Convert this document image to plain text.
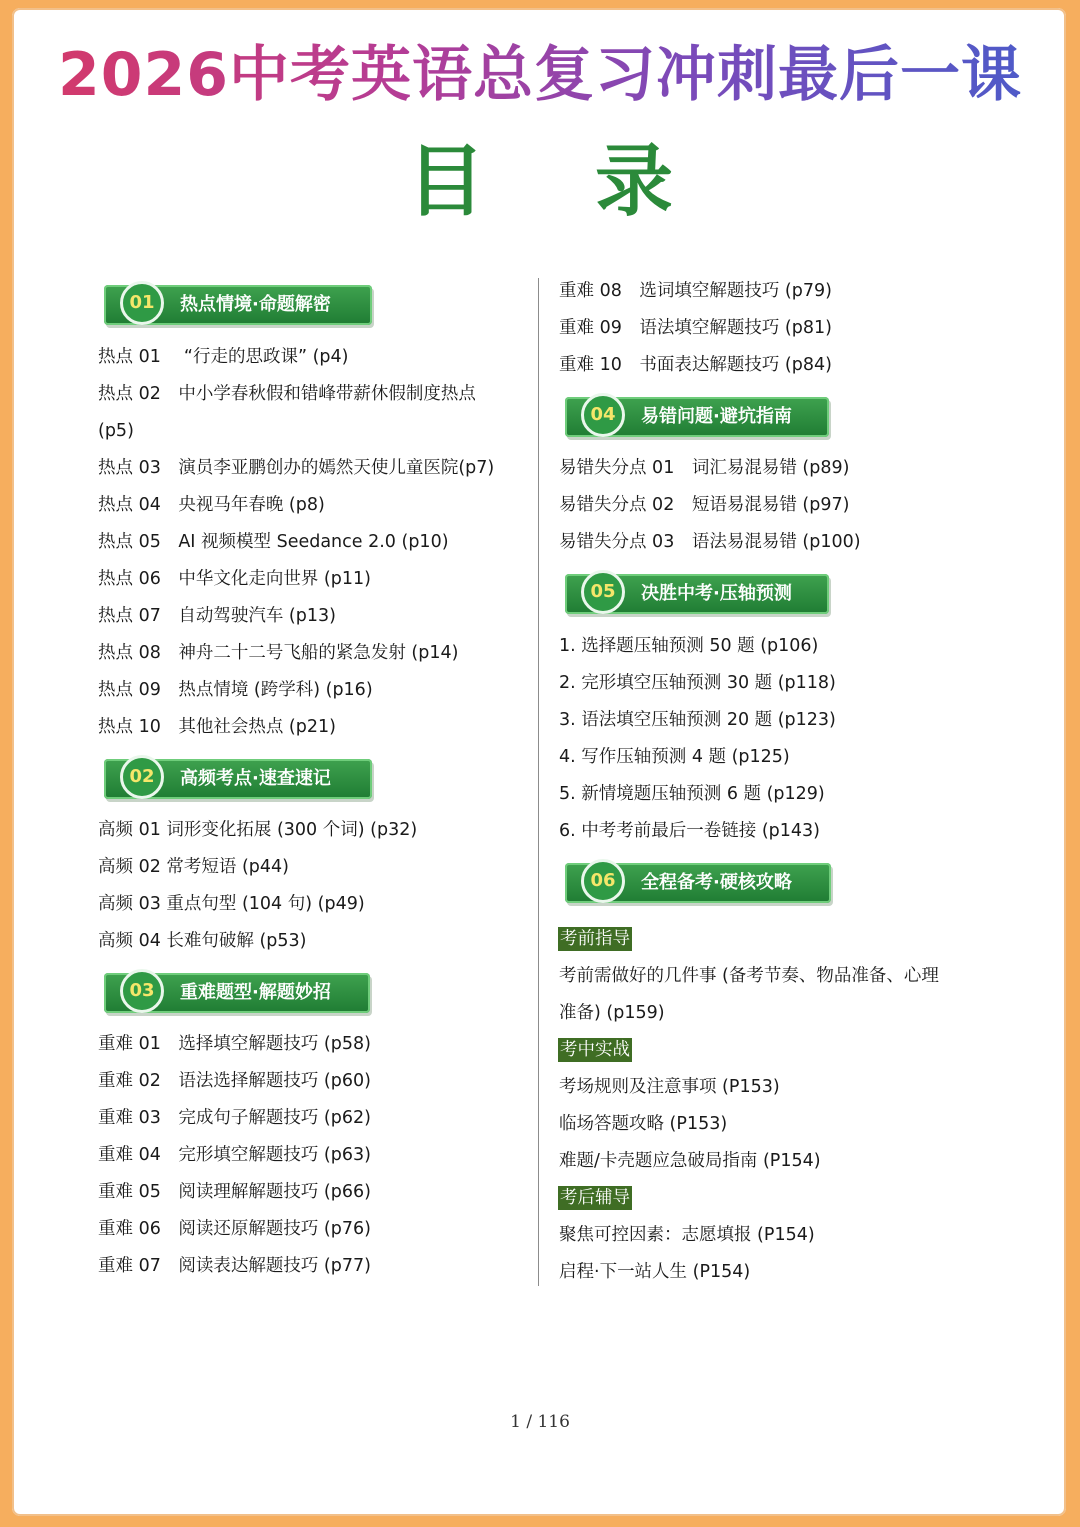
2026中考英语总复习冲刺最后一课
目录
01	热点情境·命题解密
热点 01　 “行走的思政课” (p4)
热点 02　中小学春秋假和错峰带薪休假制度热点
(p5)
热点 03　演员李亚鹏创办的嫣然天使儿童医院(p7)
热点 04　央视马年春晚 (p8)
热点 05　AI 视频模型 Seedance 2.0 (p10)
热点 06　中华文化走向世界 (p11)
热点 07　自动驾驶汽车 (p13)
热点 08　神舟二十二号飞船的紧急发射 (p14)
热点 09　热点情境 (跨学科) (p16)
热点 10　其他社会热点 (p21)
02	高频考点·速查速记
高频 01 词形变化拓展 (300 个词) (p32)
高频 02 常考短语 (p44)
高频 03 重点句型 (104 句) (p49)
高频 04 长难句破解 (p53)
03	重难题型·解题妙招
重难 01　选择填空解题技巧 (p58)
重难 02　语法选择解题技巧 (p60)
重难 03　完成句子解题技巧 (p62)
重难 04　完形填空解题技巧 (p63)
重难 05　阅读理解解题技巧 (p66)
重难 06　阅读还原解题技巧 (p76)
重难 07　阅读表达解题技巧 (p77)
重难 08　选词填空解题技巧 (p79)
重难 09　语法填空解题技巧 (p81)
重难 10　书面表达解题技巧 (p84)
04	易错问题·避坑指南
易错失分点 01　词汇易混易错 (p89)
易错失分点 02　短语易混易错 (p97)
易错失分点 03　语法易混易错 (p100)
05	决胜中考·压轴预测
1. 选择题压轴预测 50 题 (p106)
2. 完形填空压轴预测 30 题 (p118)
3. 语法填空压轴预测 20 题 (p123)
4. 写作压轴预测 4 题 (p125)
5. 新情境题压轴预测 6 题 (p129)
6. 中考考前最后一卷链接 (p143)
06	全程备考·硬核攻略
考前指导
考前需做好的几件事 (备考节奏、物品准备、心理
准备) (p159)
考中实战
考场规则及注意事项 (P153)
临场答题攻略 (P153)
难题/卡壳题应急破局指南 (P154)
考后辅导
聚焦可控因素：志愿填报 (P154)
启程·下一站人生 (P154)
1 / 116
